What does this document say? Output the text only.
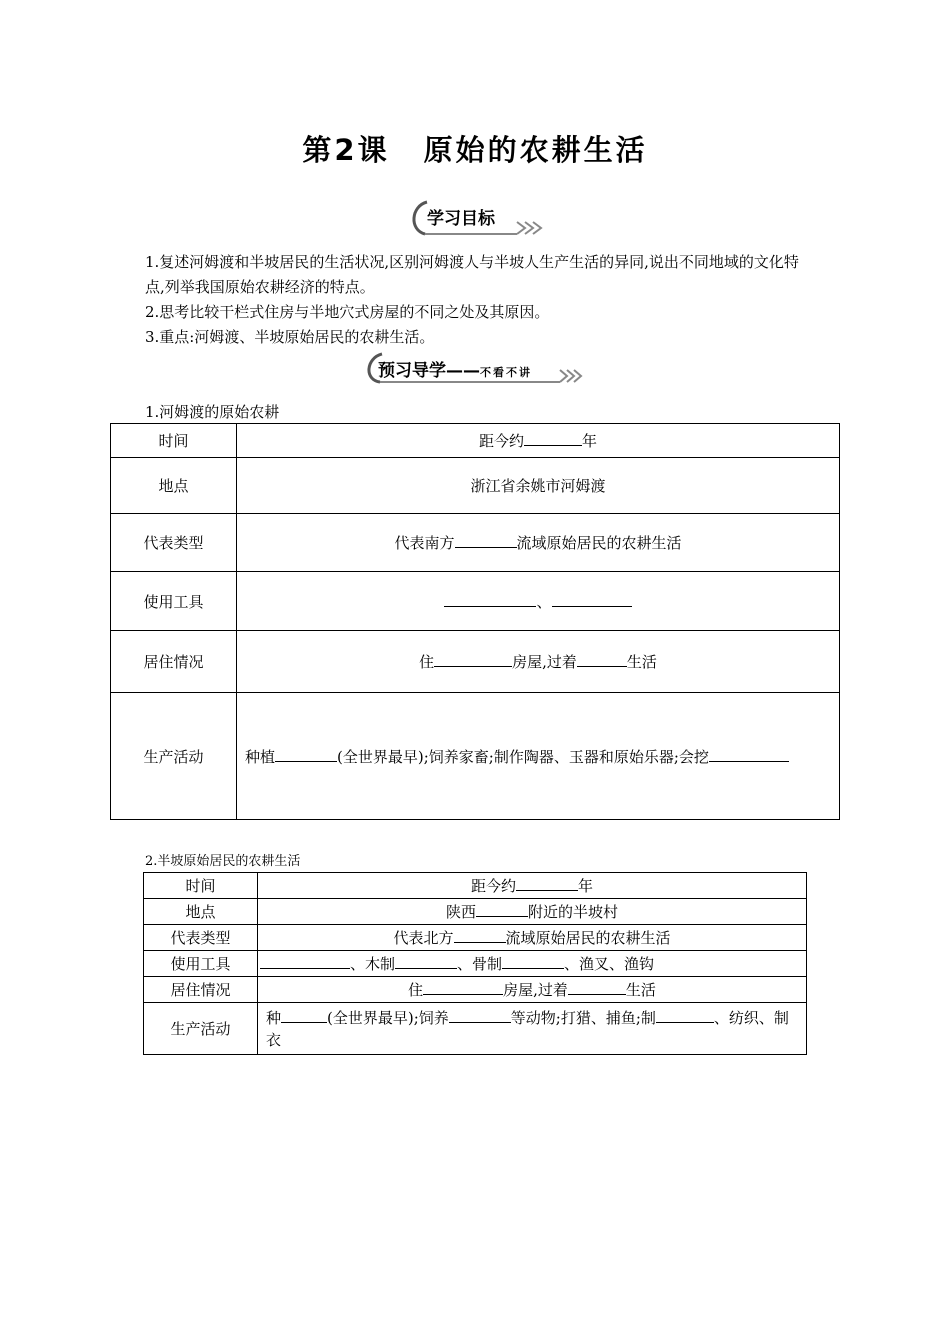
第2课 原始的农耕生活
学习目标
1.复述河姆渡和半坡居民的生活状况,区别河姆渡人与半坡人生产生活的异同,说出不同地域的文化特点,列举我国原始农耕经济的特点。
2.思考比较干栏式住房与半地穴式房屋的不同之处及其原因。
3.重点:河姆渡、半坡原始居民的农耕生活。
预习导学——不看不讲
1.河姆渡的原始农耕
时间	距今约 年
地点	浙江省余姚市河姆渡
代表类型	代表南方 流域原始居民的农耕生活
使用工具	、
居住情况	住 房屋,过着 生活
生产活动	种植 (全世界最早);饲养家畜;制作陶器、玉器和原始乐器;会挖
2.半坡原始居民的农耕生活
时间	距今约 年
地点	陕西 附近的半坡村
代表类型	代表北方 流域原始居民的农耕生活
使用工具	、木制 、骨制 、渔叉、渔钩
居住情况	住 房屋,过着 生活
生产活动	种 (全世界最早);饲养 等动物;打猎、捕鱼;制 、纺织、制衣
